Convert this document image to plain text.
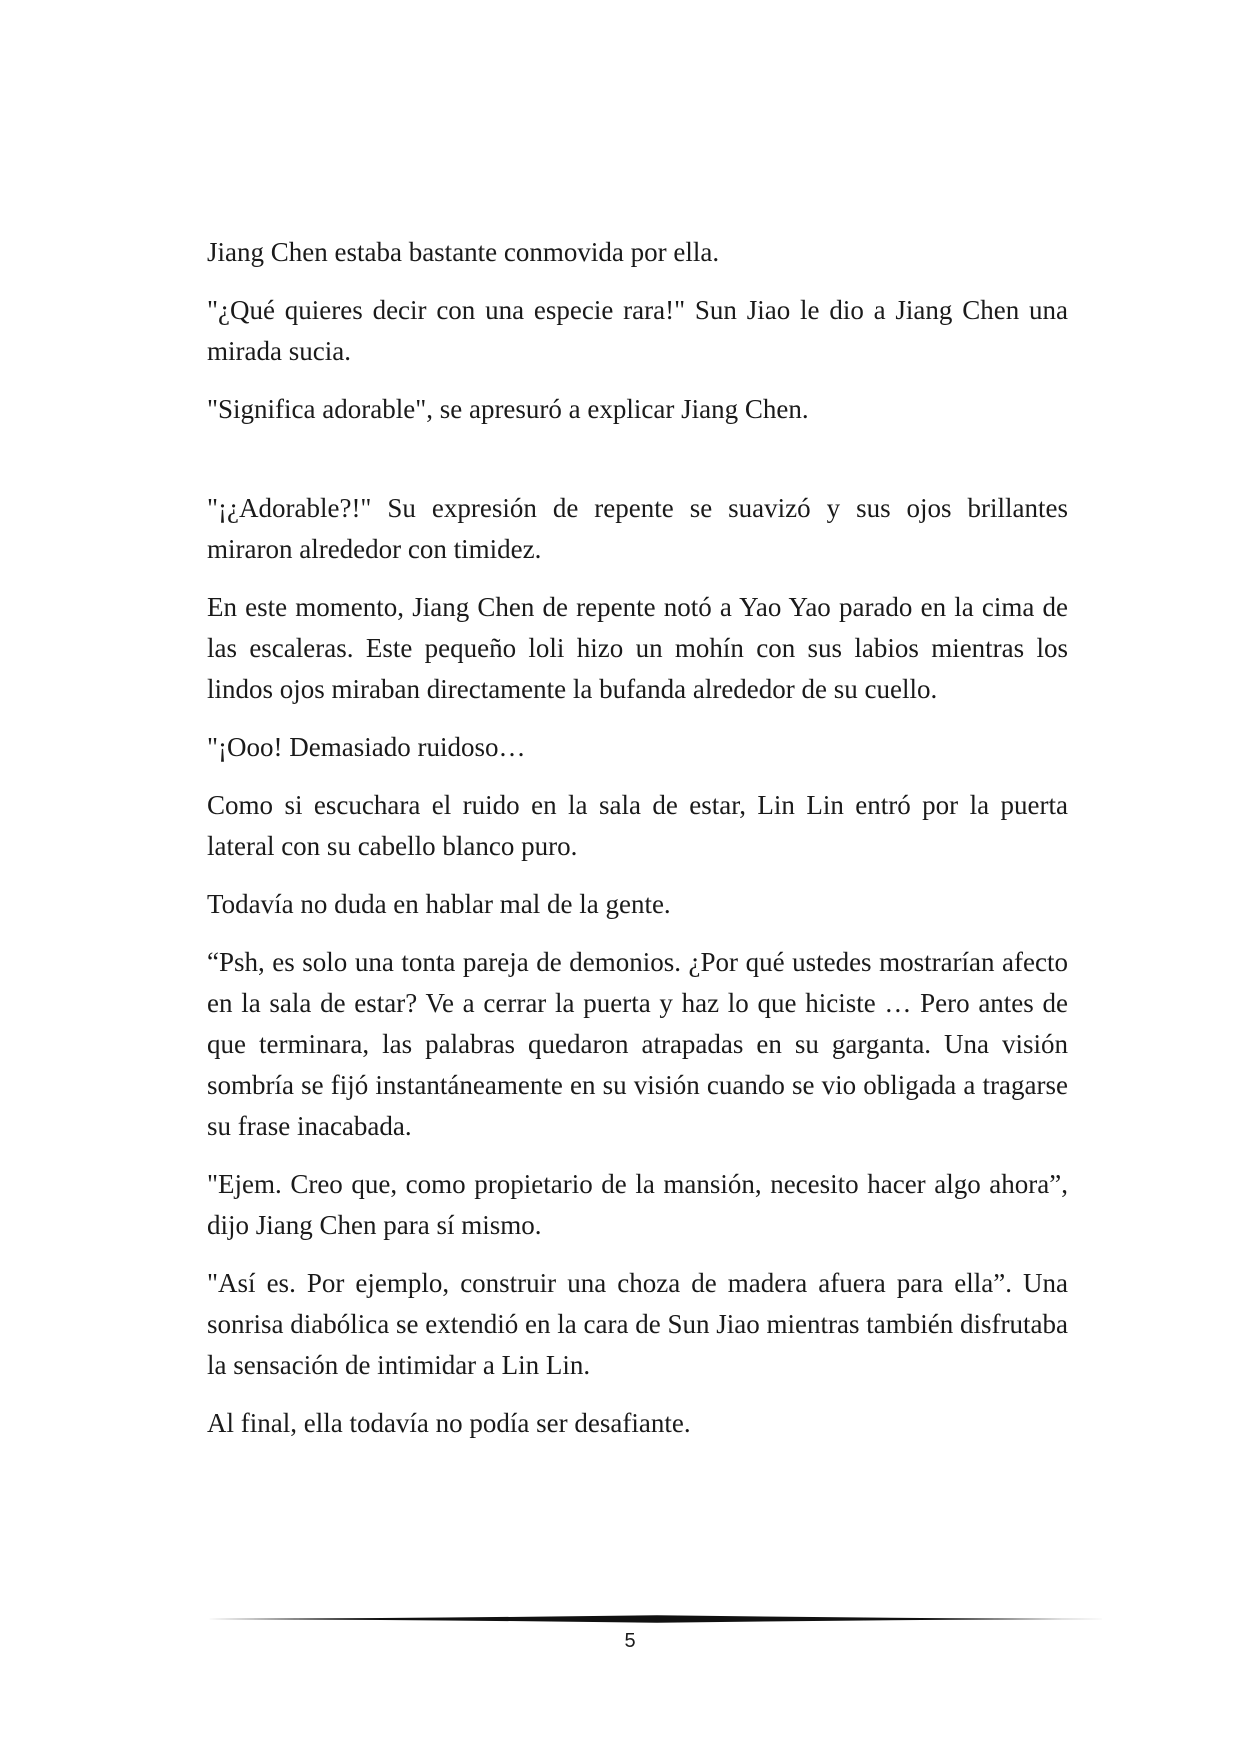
Jiang Chen estaba bastante conmovida por ella.

"¿Qué quieres decir con una especie rara!" Sun Jiao le dio a Jiang Chen una mirada sucia.

"Significa adorable", se apresuró a explicar Jiang Chen.

"¡¿Adorable?!" Su expresión de repente se suavizó y sus ojos brillantes miraron alrededor con timidez.

En este momento, Jiang Chen de repente notó a Yao Yao parado en la cima de las escaleras. Este pequeño loli hizo un mohín con sus labios mientras los lindos ojos miraban directamente la bufanda alrededor de su cuello.

"¡Ooo! Demasiado ruidoso…

Como si escuchara el ruido en la sala de estar, Lin Lin entró por la puerta lateral con su cabello blanco puro.

Todavía no duda en hablar mal de la gente.

“Psh, es solo una tonta pareja de demonios. ¿Por qué ustedes mostrarían afecto en la sala de estar? Ve a cerrar la puerta y haz lo que hiciste … Pero antes de que terminara, las palabras quedaron atrapadas en su garganta. Una visión sombría se fijó instantáneamente en su visión cuando se vio obligada a tragarse su frase inacabada.

"Ejem. Creo que, como propietario de la mansión, necesito hacer algo ahora”, dijo Jiang Chen para sí mismo.

"Así es. Por ejemplo, construir una choza de madera afuera para ella”. Una sonrisa diabólica se extendió en la cara de Sun Jiao mientras también disfrutaba la sensación de intimidar a Lin Lin.

Al final, ella todavía no podía ser desafiante.

5
